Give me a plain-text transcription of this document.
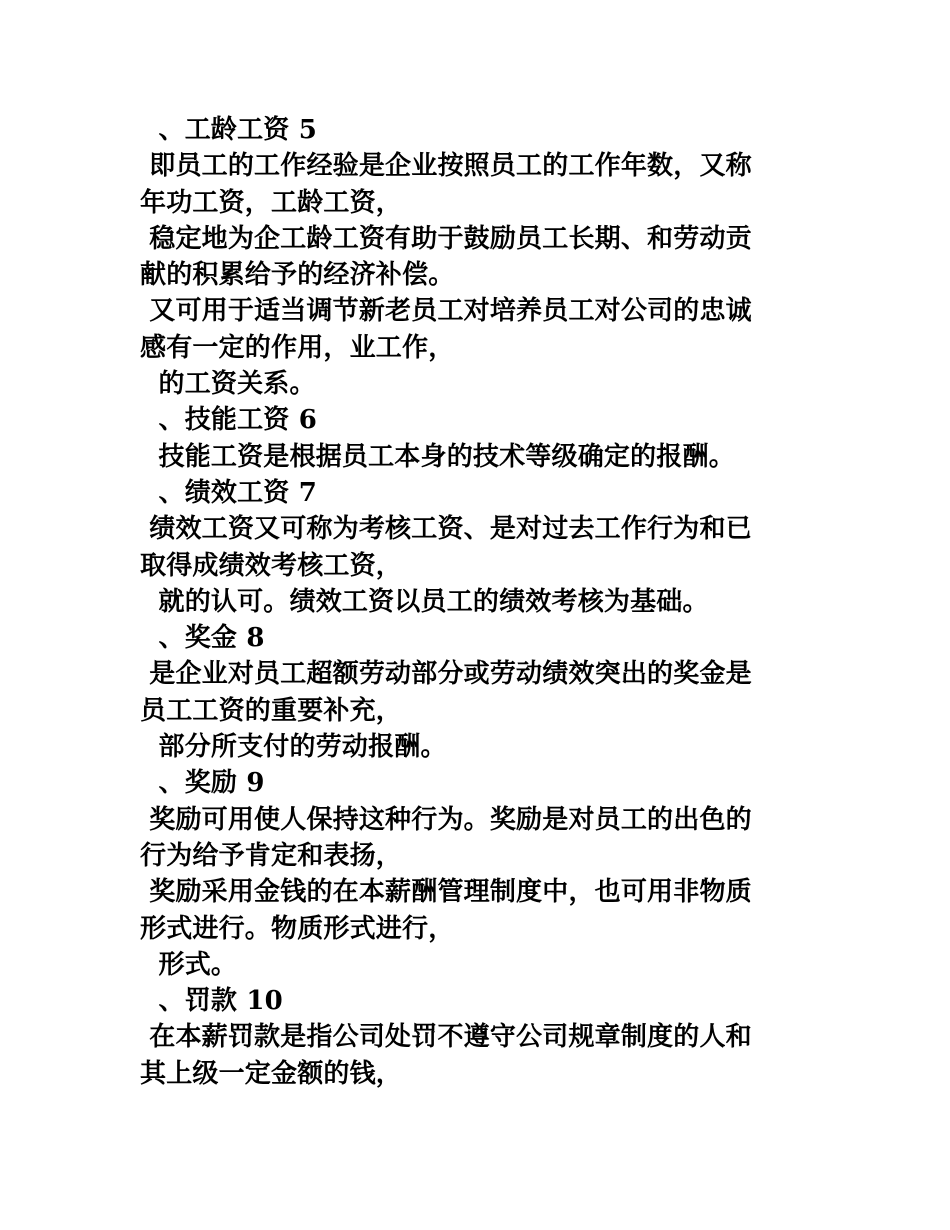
、工龄工资 5
即员工的工作经验是企业按照员工的工作年数，又称
年功工资，工龄工资，
稳定地为企工龄工资有助于鼓励员工长期、和劳动贡
献的积累给予的经济补偿。
又可用于适当调节新老员工对培养员工对公司的忠诚
感有一定的作用，业工作，
的工资关系。
、技能工资 6
技能工资是根据员工本身的技术等级确定的报酬。
、绩效工资 7
绩效工资又可称为考核工资、是对过去工作行为和已
取得成绩效考核工资，
就的认可。绩效工资以员工的绩效考核为基础。
、奖金 8
是企业对员工超额劳动部分或劳动绩效突出的奖金是
员工工资的重要补充，
部分所支付的劳动报酬。
、奖励 9
奖励可用使人保持这种行为。奖励是对员工的出色的
行为给予肯定和表扬，
奖励采用金钱的在本薪酬管理制度中，也可用非物质
形式进行。物质形式进行，
形式。
、罚款 10
在本薪罚款是指公司处罚不遵守公司规章制度的人和
其上级一定金额的钱，
